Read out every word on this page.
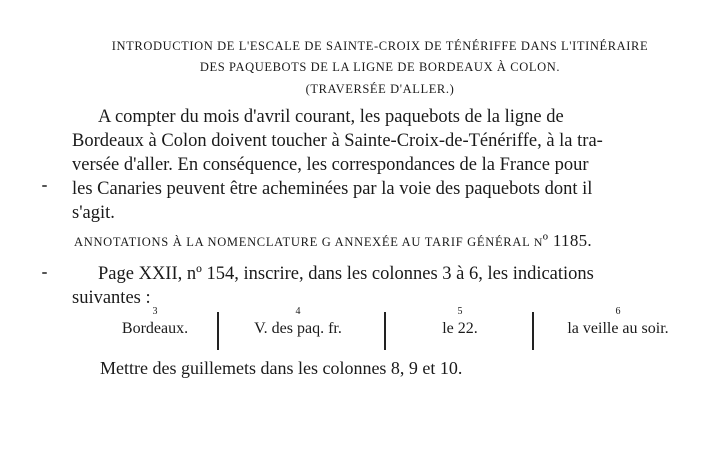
INTRODUCTION DE L'ESCALE DE SAINTE-CROIX DE TÉNÉRIFFE DANS L'ITINÉRAIRE
DES PAQUEBOTS DE LA LIGNE DE BORDEAUX À COLON.
(TRAVERSÉE D'ALLER.)
A compter du mois d'avril courant, les paquebots de la ligne de
Bordeaux à Colon doivent toucher à Sainte-Croix-de-Ténériffe, à la tra-
versée d'aller. En conséquence, les correspondances de la France pour
les Canaries peuvent être acheminées par la voie des paquebots dont il
s'agit.
ANNOTATIONS À LA NOMENCLATURE G ANNEXÉE AU TARIF GÉNÉRAL nº 1185.
Page XXII, nº 154, inscrire, dans les colonnes 3 à 6, les indications
suivantes :
3
Bordeaux.
4
V. des paq. fr.
5
le 22.
6
la veille au soir.
Mettre des guillemets dans les colonnes 8, 9 et 10.
